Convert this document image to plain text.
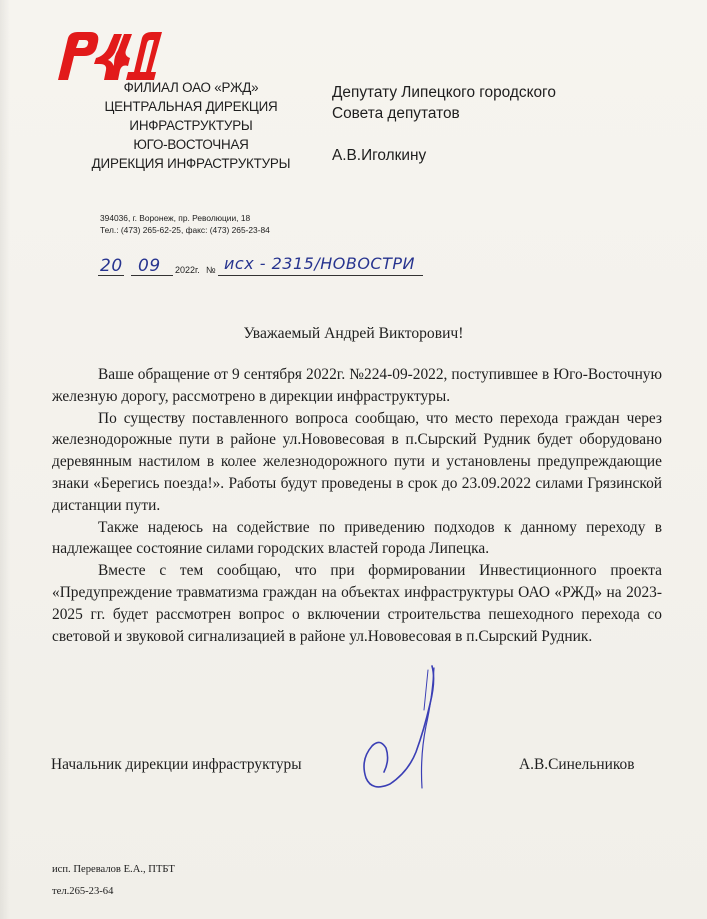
РЖД
ФИЛИАЛ ОАО «РЖД»
ЦЕНТРАЛЬНАЯ ДИРЕКЦИЯ
ИНФРАСТРУКТУРЫ
ЮГО-ВОСТОЧНАЯ
ДИРЕКЦИЯ ИНФРАСТРУКТУРЫ
394036, г. Воронеж, пр. Революции, 18
Тел.: (473) 265-62-25, факс: (473) 265-23-84
20 09 2022г. № исх - 2315/НОВОСТРИ
Депутату Липецкого городского
Совета депутатов
А.В.Иголкину
Уважаемый Андрей Викторович!

Ваше обращение от 9 сентября 2022г. №224-09-2022, поступившее в Юго-Восточную железную дорогу, рассмотрено в дирекции инфраструктуры.

По существу поставленного вопроса сообщаю, что место перехода граждан через железнодорожные пути в районе ул.Нововесовая в п.Сырский Рудник будет оборудовано деревянным настилом в колее железнодорожного пути и установлены предупреждающие знаки «Берегись поезда!». Работы будут проведены в срок до 23.09.2022 силами Грязинской дистанции пути.

Также надеюсь на содействие по приведению подходов к данному переходу в надлежащее состояние силами городских властей города Липецка.

Вместе с тем сообщаю, что при формировании Инвестиционного проекта «Предупреждение травматизма граждан на объектах инфраструктуры ОАО «РЖД» на 2023-2025 гг. будет рассмотрен вопрос о включении строительства пешеходного перехода со световой и звуковой сигнализацией в районе ул.Нововесовая в п.Сырский Рудник.

Начальник дирекции инфраструктуры	А.В.Синельников
исп. Перевалов Е.А., ПТБТ
тел.265-23-64
